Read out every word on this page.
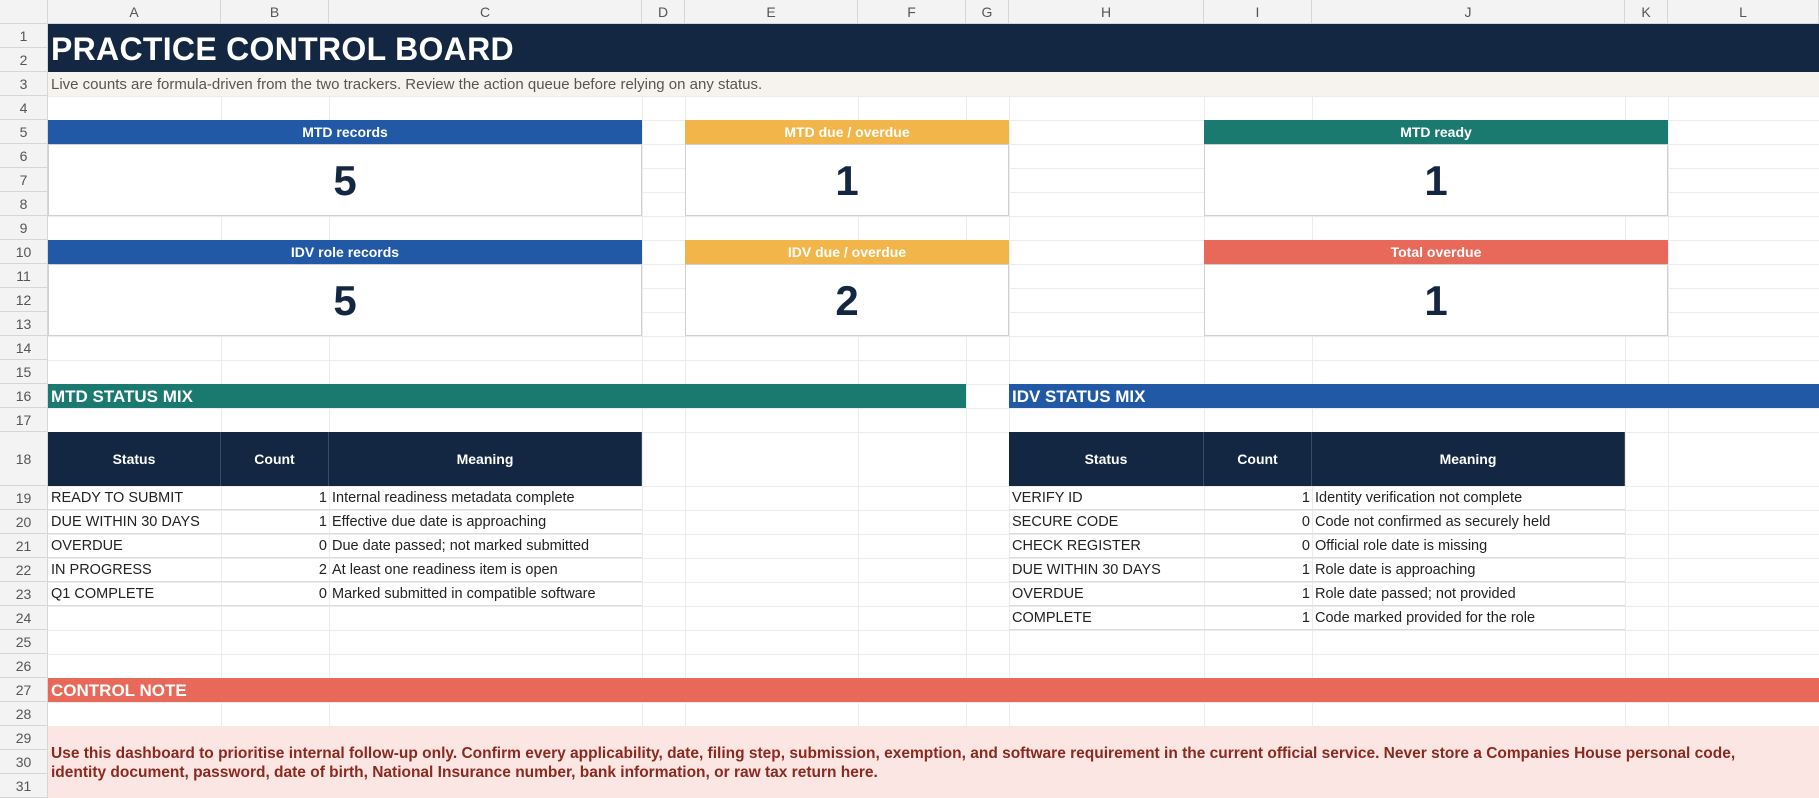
A	B	C	D	E	F	G	H	I	J	K	L
1
2
3
4
5
6
7
8
9
10
11
12
13
14
15
16
17
18
19
20
21
22
23
24
25
26
27
28
29
30
31
PRACTICE CONTROL BOARD
Live counts are formula-driven from the two trackers. Review the action queue before relying on any status.
MTD records
5
MTD due / overdue
1
MTD ready
1
IDV role records
5
IDV due / overdue
2
Total overdue
1
MTD STATUS MIX	IDV STATUS MIX
Status	Count	Meaning
READY TO SUBMIT	1 Internal readiness metadata complete
DUE WITHIN 30 DAYS	1 Effective due date is approaching
OVERDUE	0 Due date passed; not marked submitted
IN PROGRESS	2 At least one readiness item is open
Q1 COMPLETE	0 Marked submitted in compatible software
Status	Count	Meaning
VERIFY ID	1 Identity verification not complete
SECURE CODE	0 Code not confirmed as securely held
CHECK REGISTER	0 Official role date is missing
DUE WITHIN 30 DAYS	1 Role date is approaching
OVERDUE	1 Role date passed; not provided
COMPLETE	1 Code marked provided for the role
CONTROL NOTE
Use this dashboard to prioritise internal follow-up only. Confirm every applicability, date, filing step, submission, exemption, and software requirement in the current official service. Never store a Companies House personal code, identity document, password, date of birth, National Insurance number, bank information, or raw tax return here.
